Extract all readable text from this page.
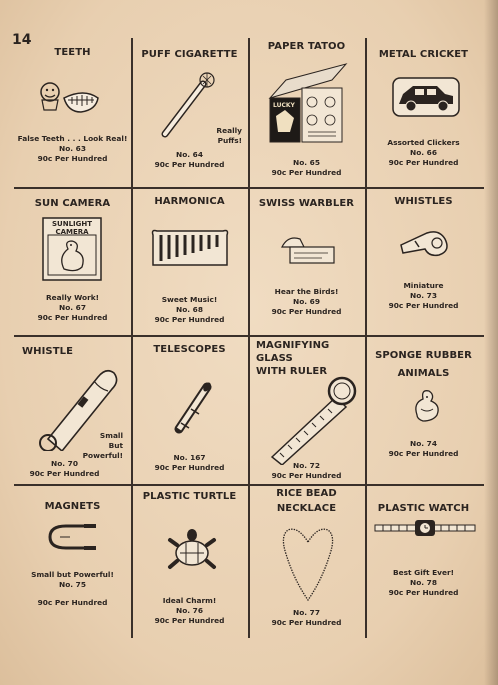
14
TEETH
False Teeth . . . Look Real!
No. 63
90c Per Hundred
PUFF CIGARETTE
Really
Puffs!
No. 64
90c Per Hundred
PAPER TATOO
LUCKY
No. 65
90c Per Hundred
METAL CRICKET
Assorted Clickers
No. 66
90c Per Hundred
SUN CAMERA
SUNLIGHT
CAMERA
Really Work!
No. 67
90c Per Hundred
HARMONICA
Sweet Music!
No. 68
90c Per Hundred
SWISS WARBLER
Hear the Birds!
No. 69
90c Per Hundred
WHISTLES
Miniature
No. 73
90c Per Hundred
WHISTLE
Small
But
Powerful!
No. 70
90c Per Hundred
TELESCOPES
No. 167
90c Per Hundred
MAGNIFYING GLASS
WITH RULER
No. 72
90c Per Hundred
SPONGE RUBBER
ANIMALS
No. 74
90c Per Hundred
MAGNETS
Small but Powerful!
No. 75
90c Per Hundred
PLASTIC TURTLE
Ideal Charm!
No. 76
90c Per Hundred
RICE BEAD
NECKLACE
No. 77
90c Per Hundred
PLASTIC WATCH
Best Gift Ever!
No. 78
90c Per Hundred
